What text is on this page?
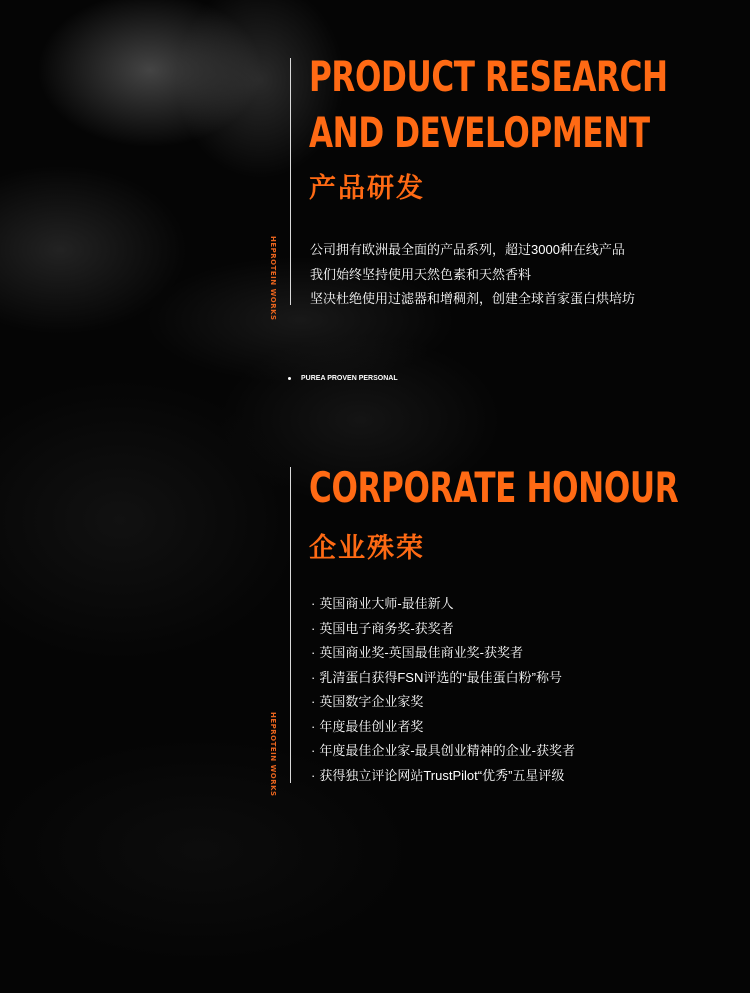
HEPROTEIN WORKS
PRODUCT RESEARCH
AND DEVELOPMENT
产品研发
公司拥有欧洲最全面的产品系列，超过3000种在线产品
我们始终坚持使用天然色素和天然香料
坚决杜绝使用过滤器和增稠剂，创建全球首家蛋白烘培坊
PUREA PROVEN PERSONAL
HEPROTEIN WORKS
CORPORATE HONOUR
企业殊荣
· 英国商业大师-最佳新人
· 英国电子商务奖-获奖者
· 英国商业奖-英国最佳商业奖-获奖者
· 乳清蛋白获得FSN评选的“最佳蛋白粉”称号
· 英国数字企业家奖
· 年度最佳创业者奖
· 年度最佳企业家-最具创业精神的企业-获奖者
· 获得独立评论网站TrustPilot“优秀”五星评级
